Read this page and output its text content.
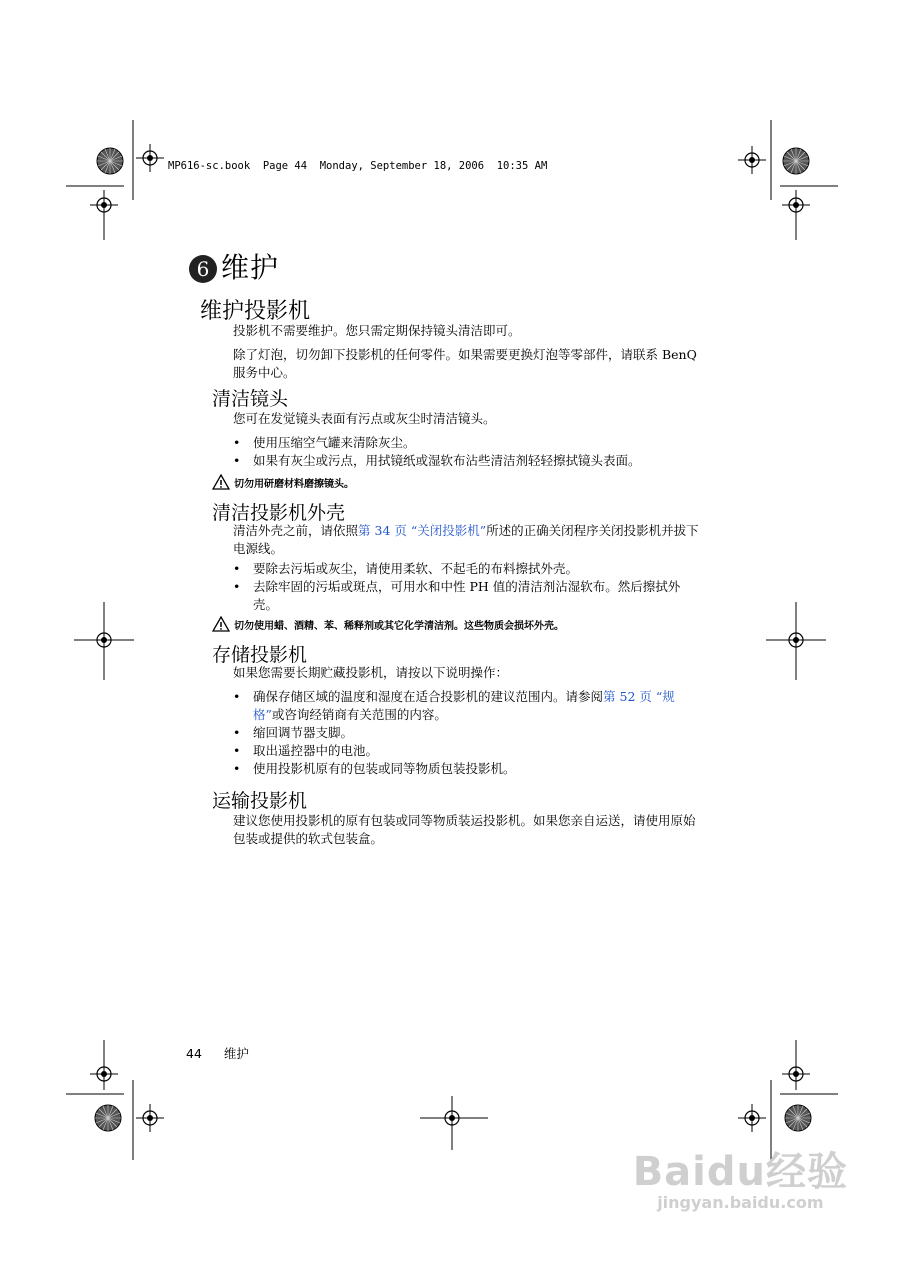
MP616-sc.book  Page 44  Monday, September 18, 2006  10:35 AM
6 维护
维护投影机

投影机不需要维护。您只需定期保持镜头清洁即可。

除了灯泡，切勿卸下投影机的任何零件。如果需要更换灯泡等零部件，请联系 BenQ 服务中心。

清洁镜头

您可在发觉镜头表面有污点或灰尘时清洁镜头。

• 使用压缩空气罐来清除灰尘。
• 如果有灰尘或污点，用拭镜纸或湿软布沾些清洁剂轻轻擦拭镜头表面。
切勿用研磨材料磨擦镜头。
清洁投影机外壳

清洁外壳之前，请依照第 34 页 “关闭投影机”所述的正确关闭程序关闭投影机并拔下电源线。

• 要除去污垢或灰尘，请使用柔软、不起毛的布料擦拭外壳。
• 去除牢固的污垢或斑点，可用水和中性 PH 值的清洁剂沾湿软布。然后擦拭外壳。
切勿使用蜡、酒精、苯、稀释剂或其它化学清洁剂。这些物质会损坏外壳。
存储投影机

如果您需要长期贮藏投影机，请按以下说明操作：

• 确保存储区域的温度和湿度在适合投影机的建议范围内。请参阅第 52 页 “规格”或咨询经销商有关范围的内容。
• 缩回调节器支脚。
• 取出遥控器中的电池。
• 使用投影机原有的包装或同等物质包装投影机。
运输投影机

建议您使用投影机的原有包装或同等物质装运投影机。如果您亲自运送，请使用原始包装或提供的软式包装盒。

44 维护
Baidu经验
jingyan.baidu.com
